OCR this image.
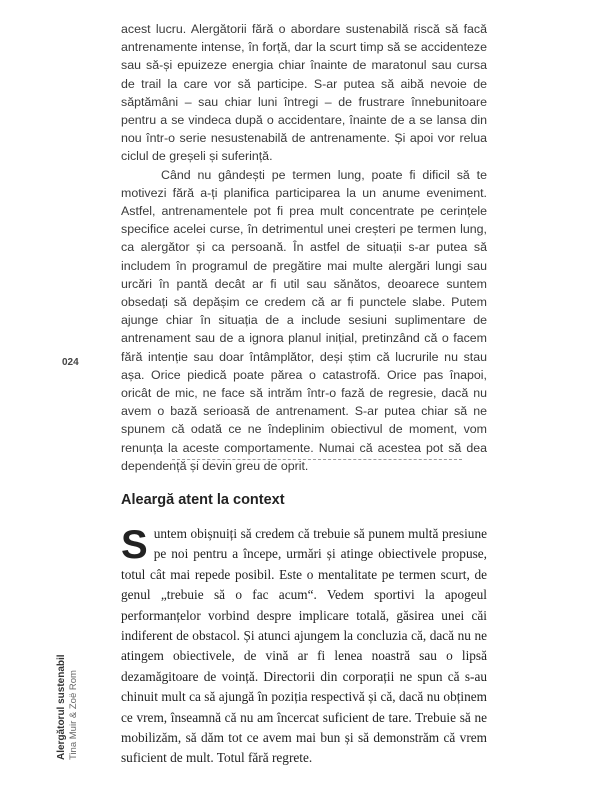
acest lucru. Alergătorii fără o abordare sustenabilă riscă să facă antrenamente intense, în forță, dar la scurt timp să se accidenteze sau să-și epuizeze energia chiar înainte de maratonul sau cursa de trail la care vor să participe. S-ar putea să aibă nevoie de săptămâni – sau chiar luni întregi – de frustrare înnebunitoare pentru a se vindeca după o accidentare, înainte de a se lansa din nou într-o serie nesustenabilă de antrenamente. Și apoi vor relua ciclul de greșeli și suferință.

Când nu gândești pe termen lung, poate fi dificil să te motivezi fără a-ți planifica participarea la un anume eveniment. Astfel, antrenamentele pot fi prea mult concentrate pe cerințele specifice acelei curse, în detrimentul unei creșteri pe termen lung, ca alergător și ca persoană. În astfel de situații s-ar putea să includem în programul de pregătire mai multe alergări lungi sau urcări în pantă decât ar fi util sau sănătos, deoarece suntem obsedați să depășim ce credem că ar fi punctele slabe. Putem ajunge chiar în situația de a include sesiuni suplimentare de antrenament sau de a ignora planul inițial, pretinzând că o facem fără intenție sau doar întâmplător, deși știm că lucrurile nu stau așa. Orice piedică poate părea o catastrofă. Orice pas înapoi, oricât de mic, ne face să intrăm într-o fază de regresie, dacă nu avem o bază serioasă de antrenament. S-ar putea chiar să ne spunem că odată ce ne îndeplinim obiectivul de moment, vom renunța la aceste comportamente. Numai că acestea pot să dea dependență și devin greu de oprit.

024
Aleargă atent la context

Suntem obișnuiți să credem că trebuie să punem multă presiune pe noi pentru a începe, urmări și atinge obiectivele propuse, totul cât mai repede posibil. Este o mentalitate pe termen scurt, de genul „trebuie să o fac acum“. Vedem sportivi la apogeul performanțelor vorbind despre implicare totală, găsirea unei căi indiferent de obstacol. Și atunci ajungem la concluzia că, dacă nu ne atingem obiectivele, de vină ar fi lenea noastră sau o lipsă dezamăgitoare de voință. Directorii din corporații ne spun că s-au chinuit mult ca să ajungă în poziția respectivă și că, dacă nu obținem ce vrem, înseamnă că nu am încercat suficient de tare. Trebuie să ne mobilizăm, să dăm tot ce avem mai bun și să demonstrăm că vrem suficient de mult. Totul fără regrete.

Alergătorul sustenabil Tina Muir & Zoë Rom
